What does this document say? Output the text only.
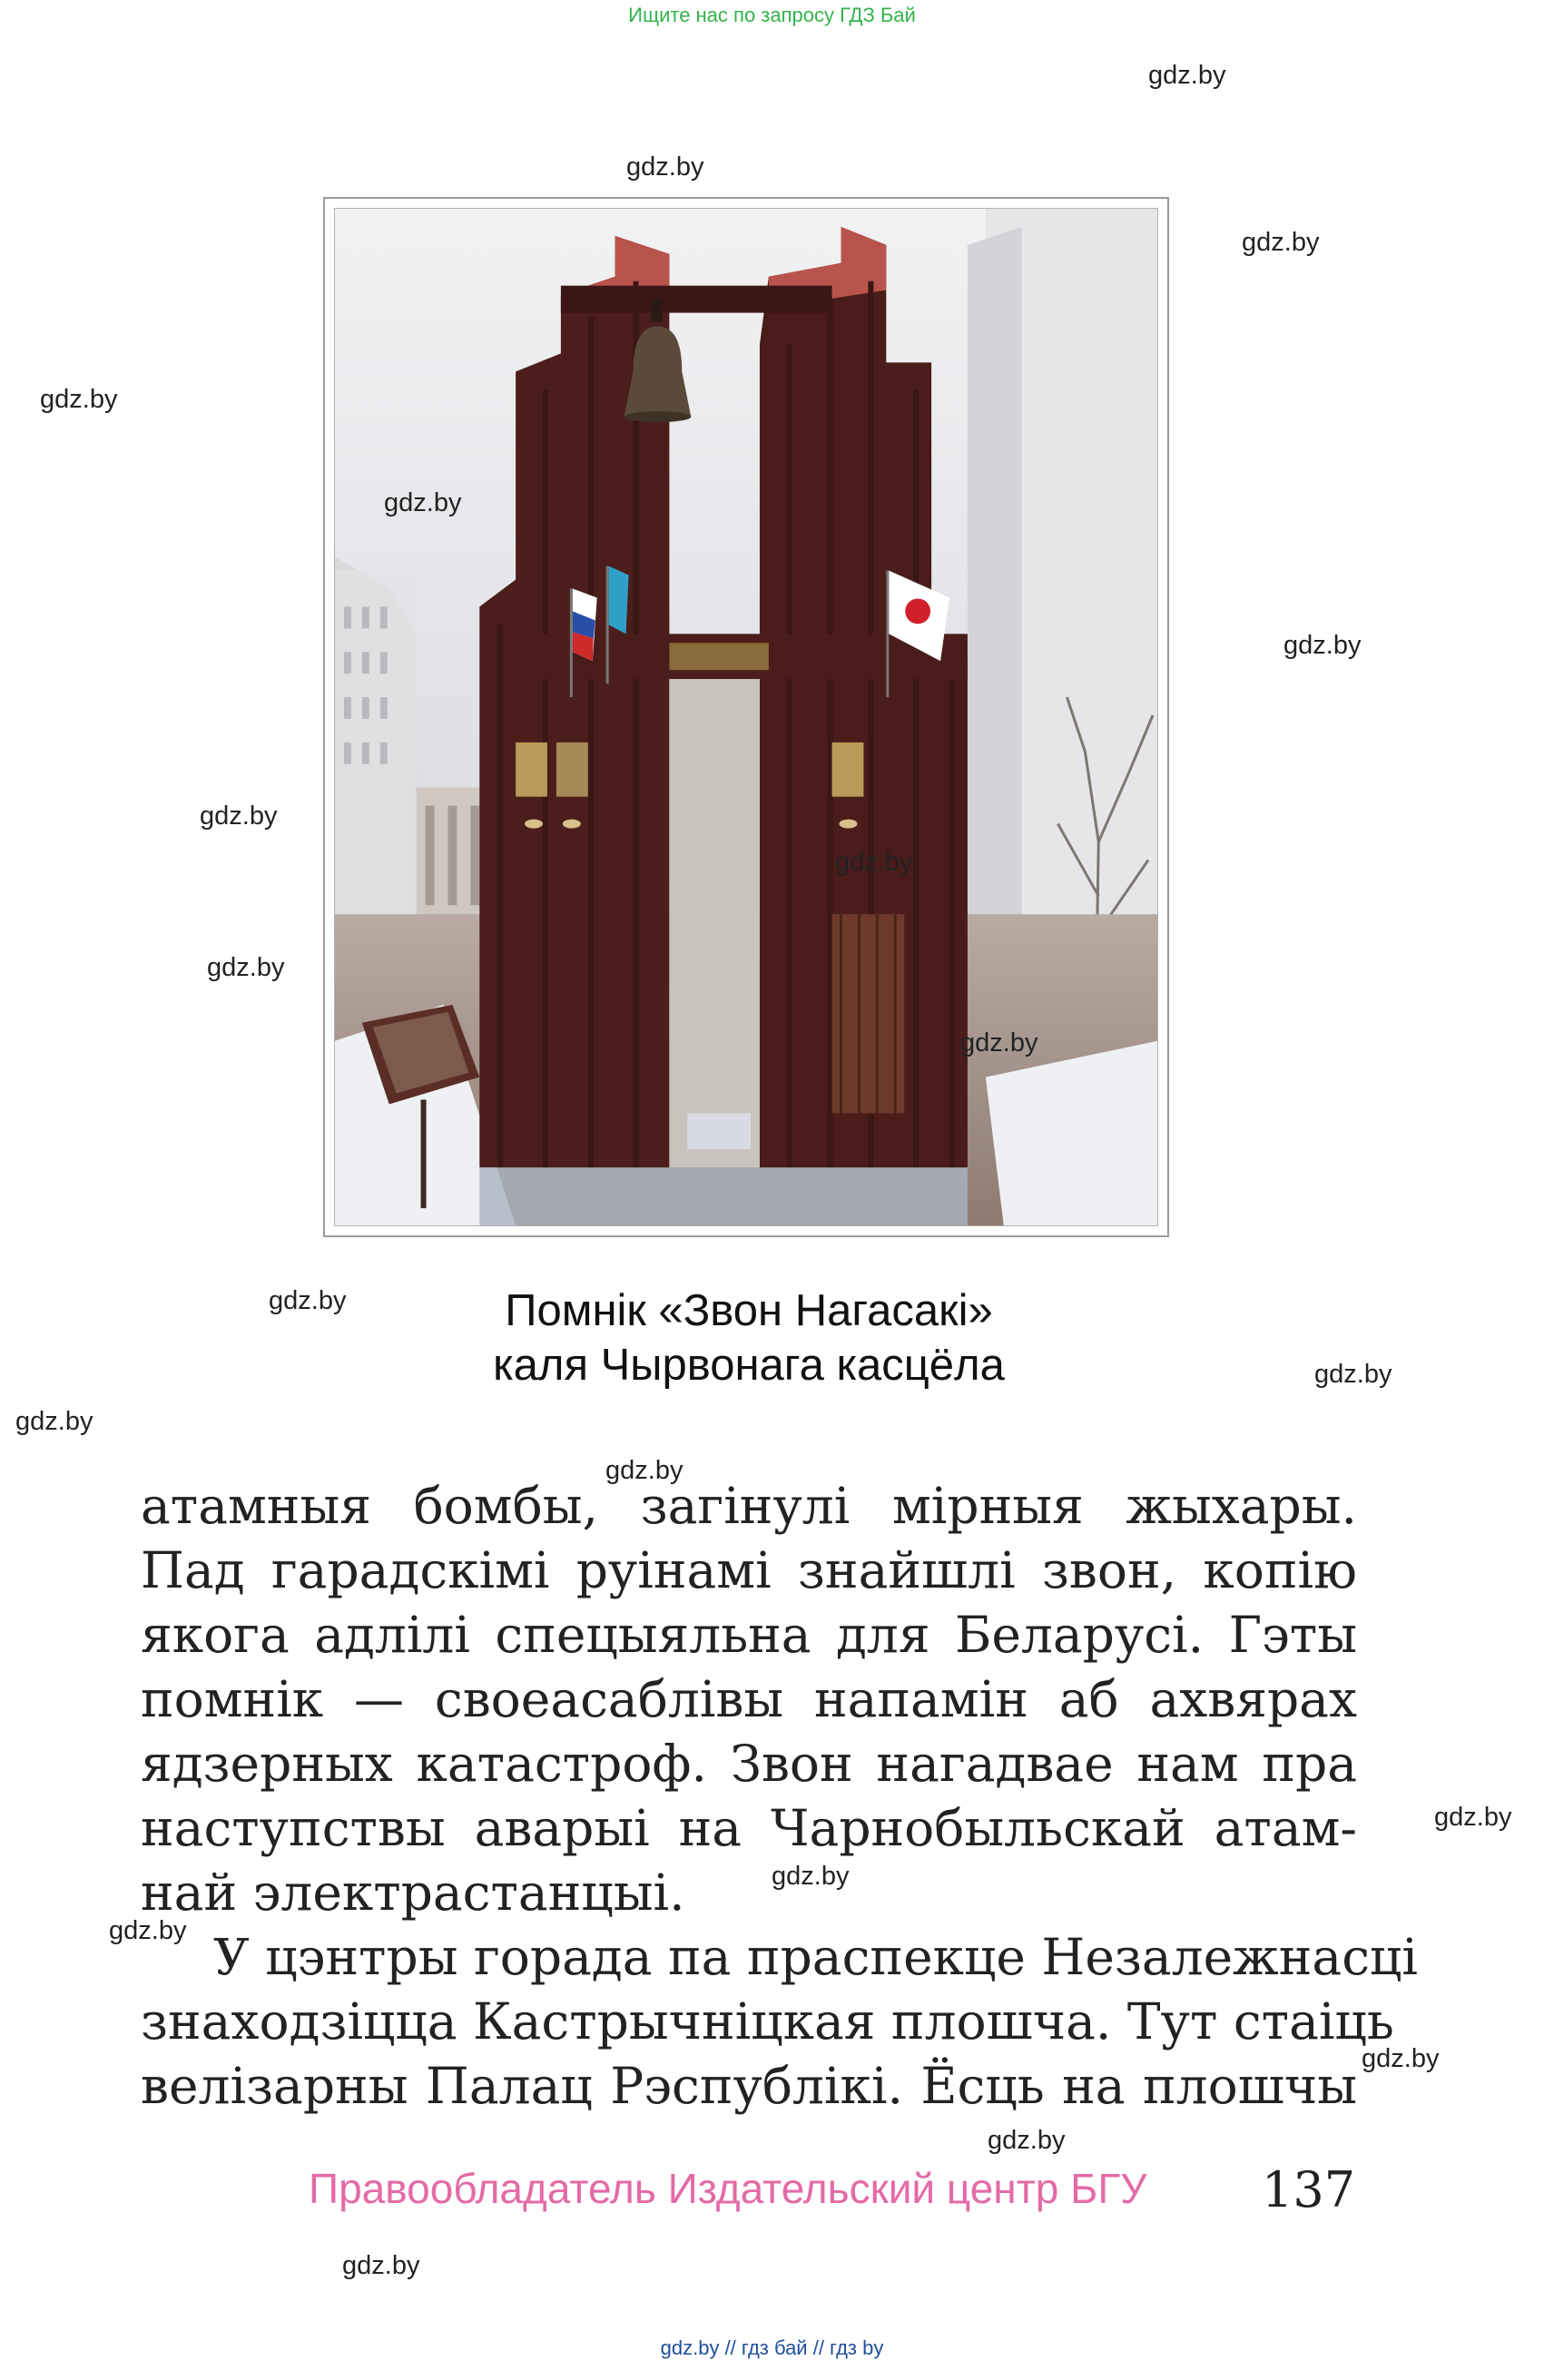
Ищите нас по запросу ГДЗ Бай
Помнік «Звон Нагасакі»
каля Чырвонага касцёла
атамныя бомбы, загінулі мірныя жыхары.
Пад гарадскімі руінамі знайшлі звон, копію
якога адлілі спецыяльна для Беларусі. Гэты
помнік — своеасаблівы напамін аб ахвярах
ядзерных катастроф. Звон нагадвае нам пра
наступствы аварыі на Чарнобыльскай атам-
най электрастанцыі.
У цэнтры горада па праспекце Незалежнасці
знаходзіцца Кастрычніцкая плошча. Тут стаіць
велізарны Палац Рэспублікі. Ёсць на плошчы
Правообладатель Издательский центр БГУ 137
gdz.by // гдз бай // гдз by
gdz.by
gdz.by
gdz.by
gdz.by
gdz.by
gdz.by
gdz.by
gdz.by
gdz.by
gdz.by
gdz.by
gdz.by
gdz.by
gdz.by
gdz.by
gdz.by
gdz.by
gdz.by
gdz.by
gdz.by
